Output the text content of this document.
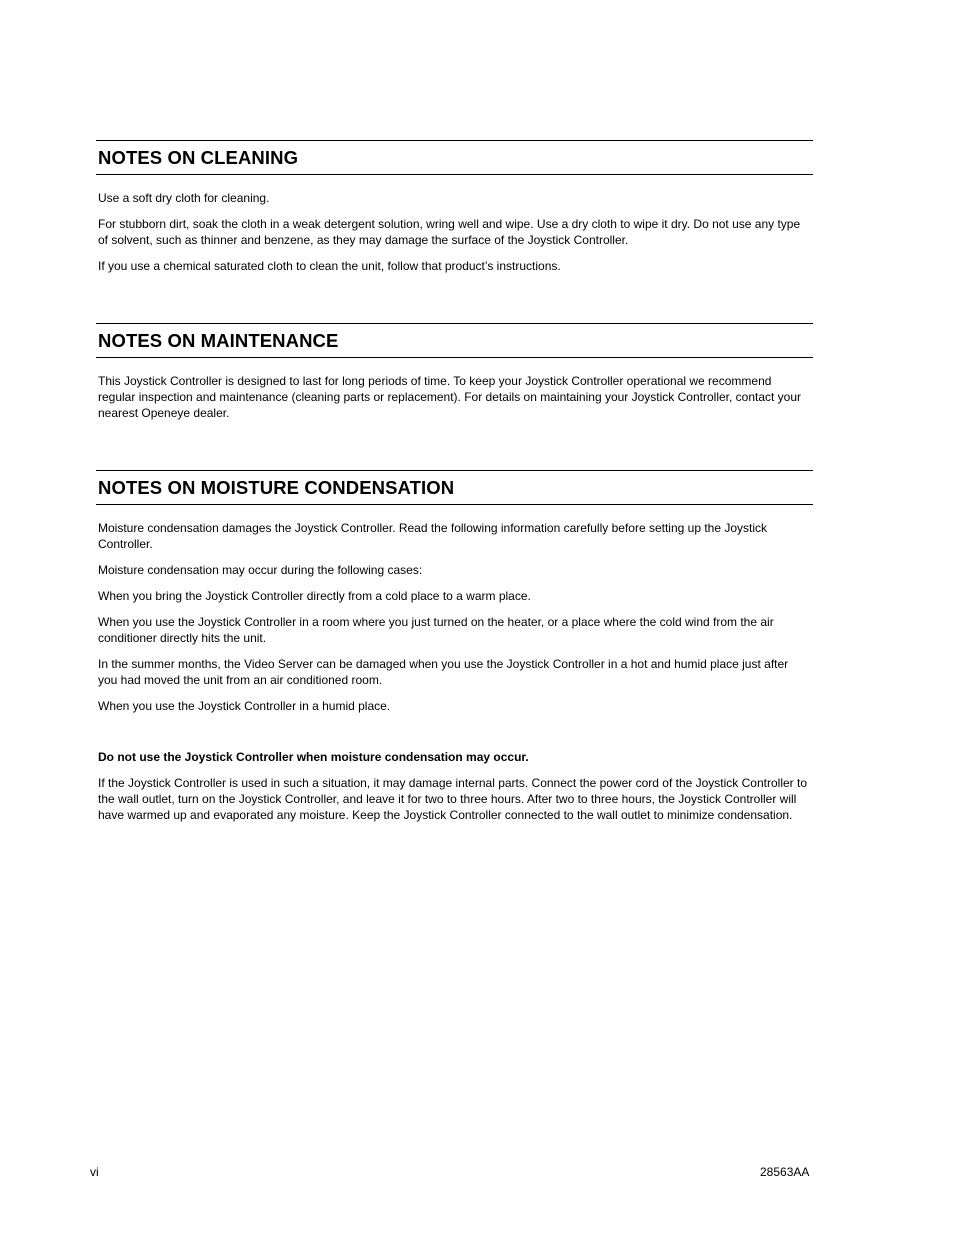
NOTES ON CLEANING

Use a soft dry cloth for cleaning.

For stubborn dirt, soak the cloth in a weak detergent solution, wring well and wipe. Use a dry cloth to wipe it dry. Do not use any type of solvent, such as thinner and benzene, as they may damage the surface of the Joystick Controller.

If you use a chemical saturated cloth to clean the unit, follow that product’s instructions.

NOTES ON MAINTENANCE

This Joystick Controller is designed to last for long periods of time. To keep your Joystick Controller operational we recommend regular inspection and maintenance (cleaning parts or replacement). For details on maintaining your Joystick Controller, contact your nearest Openeye dealer.

NOTES ON MOISTURE CONDENSATION

Moisture condensation damages the Joystick Controller. Read the following information carefully before setting up the Joystick Controller.

Moisture condensation may occur during the following cases:

When you bring the Joystick Controller directly from a cold place to a warm place.

When you use the Joystick Controller in a room where you just turned on the heater, or a place where the cold wind from the air conditioner directly hits the unit.

In the summer months, the Video Server can be damaged when you use the Joystick Controller in a hot and humid place just after you had moved the unit from an air conditioned room.

When you use the Joystick Controller in a humid place.

Do not use the Joystick Controller when moisture condensation may occur.

If the Joystick Controller is used in such a situation, it may damage internal parts. Connect the power cord of the Joystick Controller to the wall outlet, turn on the Joystick Controller, and leave it for two to three hours. After two to three hours, the Joystick Controller will have warmed up and evaporated any moisture. Keep the Joystick Controller connected to the wall outlet to minimize condensation.

vi	28563AA
